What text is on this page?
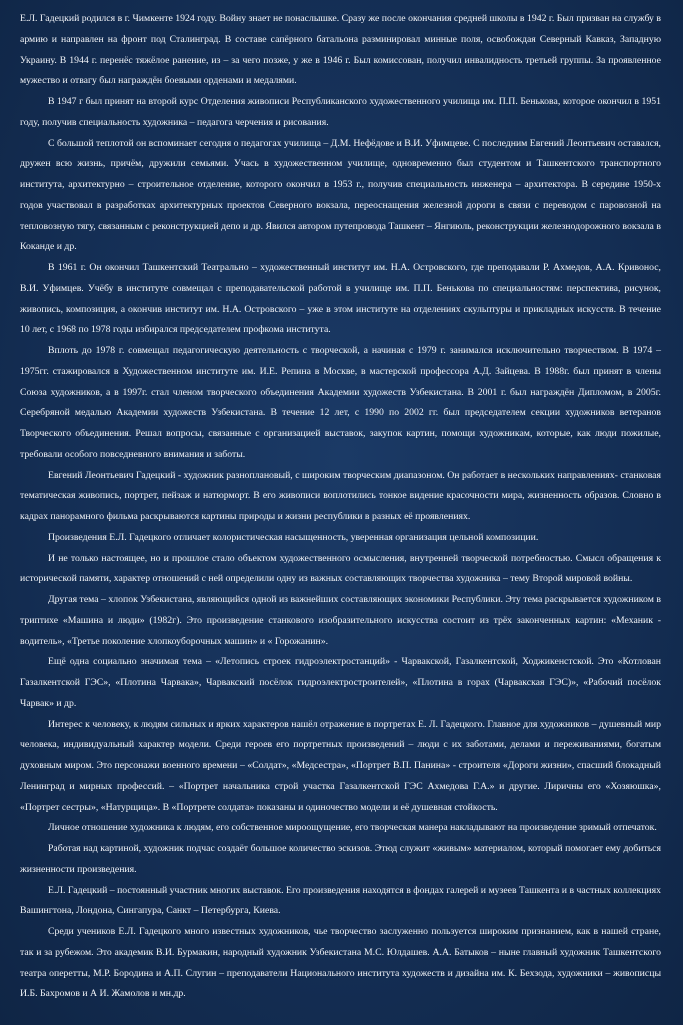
Е.Л. Гадецкий родился в г. Чимкенте 1924 году. Войну знает не понаслышке. Сразу же после окончания средней школы в 1942 г. Был призван на службу в армию и направлен на фронт под Сталинград. В составе сапёрного батальона разминировал минные поля, освобождая Северный Кавказ, Западную Украину. В 1944 г. перенёс тяжёлое ранение, из – за чего позже, у же в 1946 г. Был комиссован, получил инвалидность третьей группы. За проявленное мужество и отвагу был награждён боевыми орденами и медалями.

В 1947 г был принят на второй курс Отделения живописи Республиканского художественного училища им. П.П. Бенькова, которое окончил в 1951 году, получив специальность художника – педагога черчения и рисования.

С большой теплотой он вспоминает сегодня о педагогах училища – Д.М. Нефёдове и В.И. Уфимцеве. С последним Евгений Леонтьевич оставался, дружен всю жизнь, причём, дружили семьями. Учась в художественном училище, одновременно был студентом и Ташкентского транспортного института, архитектурно – строительное отделение, которого окончил в 1953 г., получив специальность инженера – архитектора. В середине 1950-х годов участвовал в разработках архитектурных проектов Северного вокзала, переоснащения железной дороги в связи с переводом с паровозной на тепловозную тягу, связанным с реконструкцией депо и др. Явился автором путепровода Ташкент – Янгиюль, реконструкции железнодорожного вокзала в Коканде и др.

В 1961 г. Он окончил Ташкентский Театрально – художественный институт им. Н.А. Островского, где преподавали Р. Ахмедов, А.А. Кривонос, В.И. Уфимцев. Учёбу в институте совмещал с преподавательской работой в училище им. П.П. Бенькова по специальностям: перспектива, рисунок, живопись, композиция, а окончив институт им. Н.А. Островского – уже в этом институте на отделениях скульптуры и прикладных искусств. В течение 10 лет, с 1968 по 1978 годы избирался председателем профкома института.

Вплоть до 1978 г. совмещал педагогическую деятельность с творческой, а начиная с 1979 г. занимался исключительно творчеством. В 1974 – 1975гг. стажировался в Художественном институте им. И.Е. Репина в Москве, в мастерской профессора А.Д. Зайцева. В 1988г. был принят в члены Союза художников, а в 1997г. стал членом творческого объединения Академии художеств Узбекистана. В 2001 г. был награждён Дипломом, в 2005г. Серебряной медалью Академии художеств Узбекистана. В течение 12 лет, с 1990 по 2002 гг. был председателем секции художников ветеранов Творческого объединения. Решал вопросы, связанные с организацией выставок, закупок картин, помощи художникам, которые, как люди пожилые, требовали особого повседневного внимания и заботы.

Евгений Леонтьевич Гадецкий - художник разноплановый, с широким творческим диапазоном. Он работает в нескольких направлениях- станковая тематическая живопись, портрет, пейзаж и натюрморт. В его живописи воплотились тонкое видение красочности мира, жизненность образов. Словно в кадрах панорамного фильма раскрываются картины природы и жизни республики в разных её проявлениях.

Произведения Е.Л. Гадецкого отличает колористическая насыщенность, уверенная организация цельной композиции.

И не только настоящее, но и прошлое стало объектом художественного осмысления, внутренней творческой потребностью. Смысл обращения к исторической памяти, характер отношений с ней определили одну из важных составляющих творчества художника – тему Второй мировой войны.

Другая тема – хлопок Узбекистана, являющийся одной из важнейших составляющих экономики Республики. Эту тема раскрывается художником в триптихе «Машина и люди» (1982г). Это произведение станкового изобразительного искусства состоит из трёх законченных картин: «Механик - водитель», «Третье поколение хлопкоуборочных машин» и « Горожанин».

Ещё одна социально значимая тема – «Летопись строек гидроэлектростанций» - Чарвакской, Газалкентской, Ходжикенстской. Это «Котлован Газалкентской ГЭС», «Плотина Чарвака», Чарвакский посёлок гидроэлектростроителей», «Плотина в горах (Чарвакская ГЭС)», «Рабочий посёлок Чарвак» и др.

Интерес к человеку, к людям сильных и ярких характеров нашёл отражение в портретах Е. Л. Гадецкого. Главное для художников – душевный мир человека, индивидуальный характер модели. Среди героев его портретных произведений – люди с их заботами, делами и переживаниями, богатым духовным миром. Это персонажи военного времени – «Солдат», «Медсестра», «Портрет В.П. Панина» - строителя «Дороги жизни», спасший блокадный Ленинград и мирных профессий. – «Портрет начальника строй участка Газалкентской ГЭС Ахмедова Г.А.» и другие. Лиричны его «Хозяюшка», «Портрет сестры», «Натурщица». В «Портрете солдата» показаны и одиночество модели и её душевная стойкость.

Личное отношение художника к людям, его собственное мироощущение, его творческая манера накладывают на произведение зримый отпечаток.

Работая над картиной, художник подчас создаёт большое количество эскизов. Этюд служит «живым» материалом, который помогает ему добиться жизненности произведения.

Е.Л. Гадецкий – постоянный участник многих выставок. Его произведения находятся в фондах галерей и музеев Ташкента и в частных коллекциях Вашингтона, Лондона, Сингапура, Санкт – Петербурга, Киева.

Среди учеников Е.Л. Гадецкого много известных художников, чье творчество заслуженно пользуется широким признанием, как в нашей стране, так и за рубежом. Это академик В.И. Бурмакин, народный художник Узбекистана М.С. Юлдашев. А.А. Батыков – ныне главный художник Ташкентского театра оперетты, М.Р. Бородина и А.П. Слугин – преподаватели Национального института художеств и дизайна им. К. Бехзода, художники – живописцы И.Б. Бахромов и А И. Жамолов и мн.др.
